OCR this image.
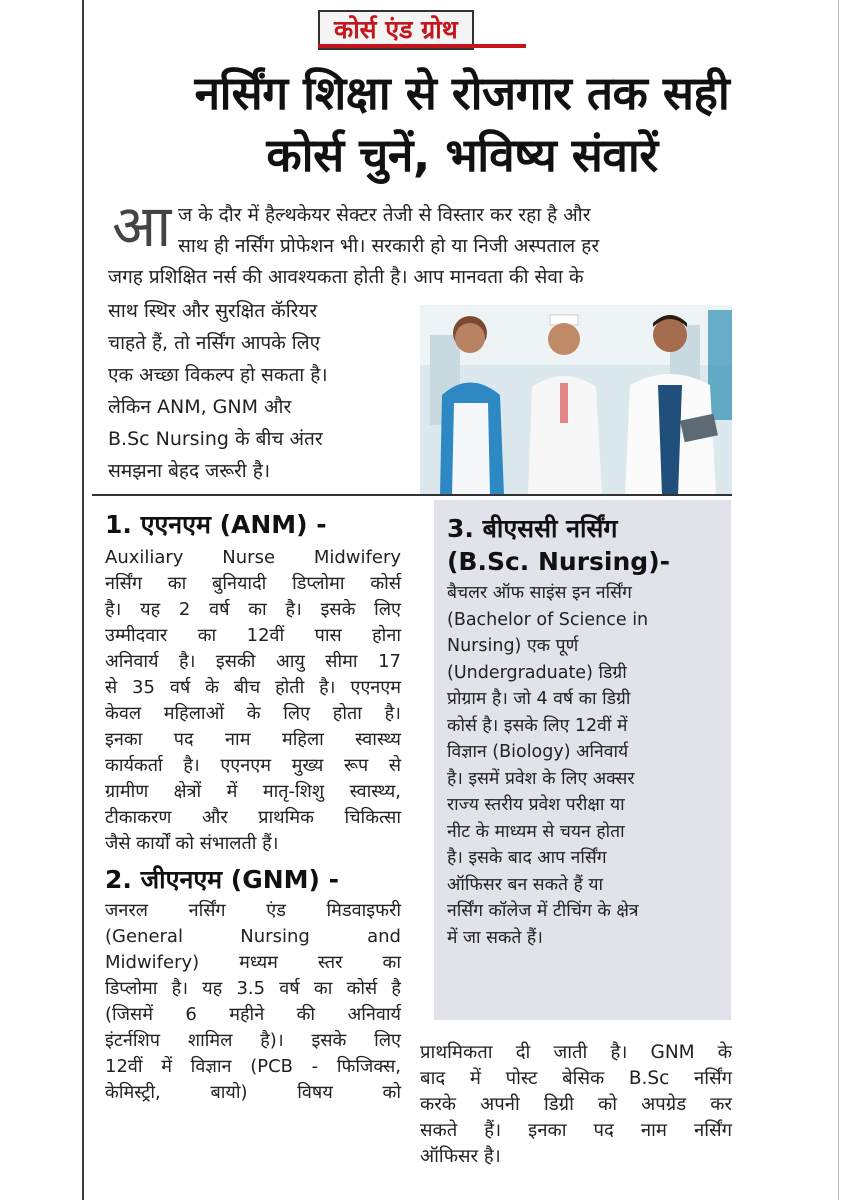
कोर्स एंड ग्रोथ
नर्सिंग शिक्षा से रोजगार तक सही
कोर्स चुनें, भविष्य संवारें
आ ज के दौर में हैल्थकेयर सेक्टर तेजी से विस्तार कर रहा है और
साथ ही नर्सिंग प्रोफेशन भी। सरकारी हो या निजी अस्पताल हर
जगह प्रशिक्षित नर्स की आवश्यकता होती है। आप मानवता की सेवा के
साथ स्थिर और सुरक्षित कॅरियर
चाहते हैं, तो नर्सिंग आपके लिए
एक अच्छा विकल्प हो सकता है।
लेकिन ANM, GNM और
B.Sc Nursing के बीच अंतर
समझना बेहद जरूरी है।
1. एएनएम (ANM) -
Auxiliary Nurse Midwifery
नर्सिंग का बुनियादी डिप्लोमा कोर्स
है। यह 2 वर्ष का है। इसके लिए
उम्मीदवार का 12वीं पास होना
अनिवार्य है। इसकी आयु सीमा 17
से 35 वर्ष के बीच होती है। एएनएम
केवल महिलाओं के लिए होता है।
इनका पद नाम महिला स्वास्थ्य
कार्यकर्ता है। एएनएम मुख्य रूप से
ग्रामीण क्षेत्रों में मातृ-शिशु स्वास्थ्य,
टीकाकरण और प्राथमिक चिकित्सा
जैसे कार्यों को संभालती हैं।
2. जीएनएम (GNM) -
जनरल नर्सिंग एंड मिडवाइफरी
(General Nursing and
Midwifery) मध्यम स्तर का
डिप्लोमा है। यह 3.5 वर्ष का कोर्स है
(जिसमें 6 महीने की अनिवार्य
इंटर्नशिप शामिल है)। इसके लिए
12वीं में विज्ञान (PCB - फिजिक्स,
केमिस्ट्री, बायो) विषय को
3. बीएससी नर्सिंग
(B.Sc. Nursing)-
बैचलर ऑफ साइंस इन नर्सिंग
(Bachelor of Science in
Nursing) एक पूर्ण
(Undergraduate) डिग्री
प्रोग्राम है। जो 4 वर्ष का डिग्री
कोर्स है। इसके लिए 12वीं में
विज्ञान (Biology) अनिवार्य
है। इसमें प्रवेश के लिए अक्सर
राज्य स्तरीय प्रवेश परीक्षा या
नीट के माध्यम से चयन होता
है। इसके बाद आप नर्सिंग
ऑफिसर बन सकते हैं या
नर्सिंग कॉलेज में टीचिंग के क्षेत्र
में जा सकते हैं।
प्राथमिकता दी जाती है। GNM के
बाद में पोस्ट बेसिक B.Sc नर्सिंग
करके अपनी डिग्री को अपग्रेड कर
सकते हैं। इनका पद नाम नर्सिंग
ऑफिसर है।
